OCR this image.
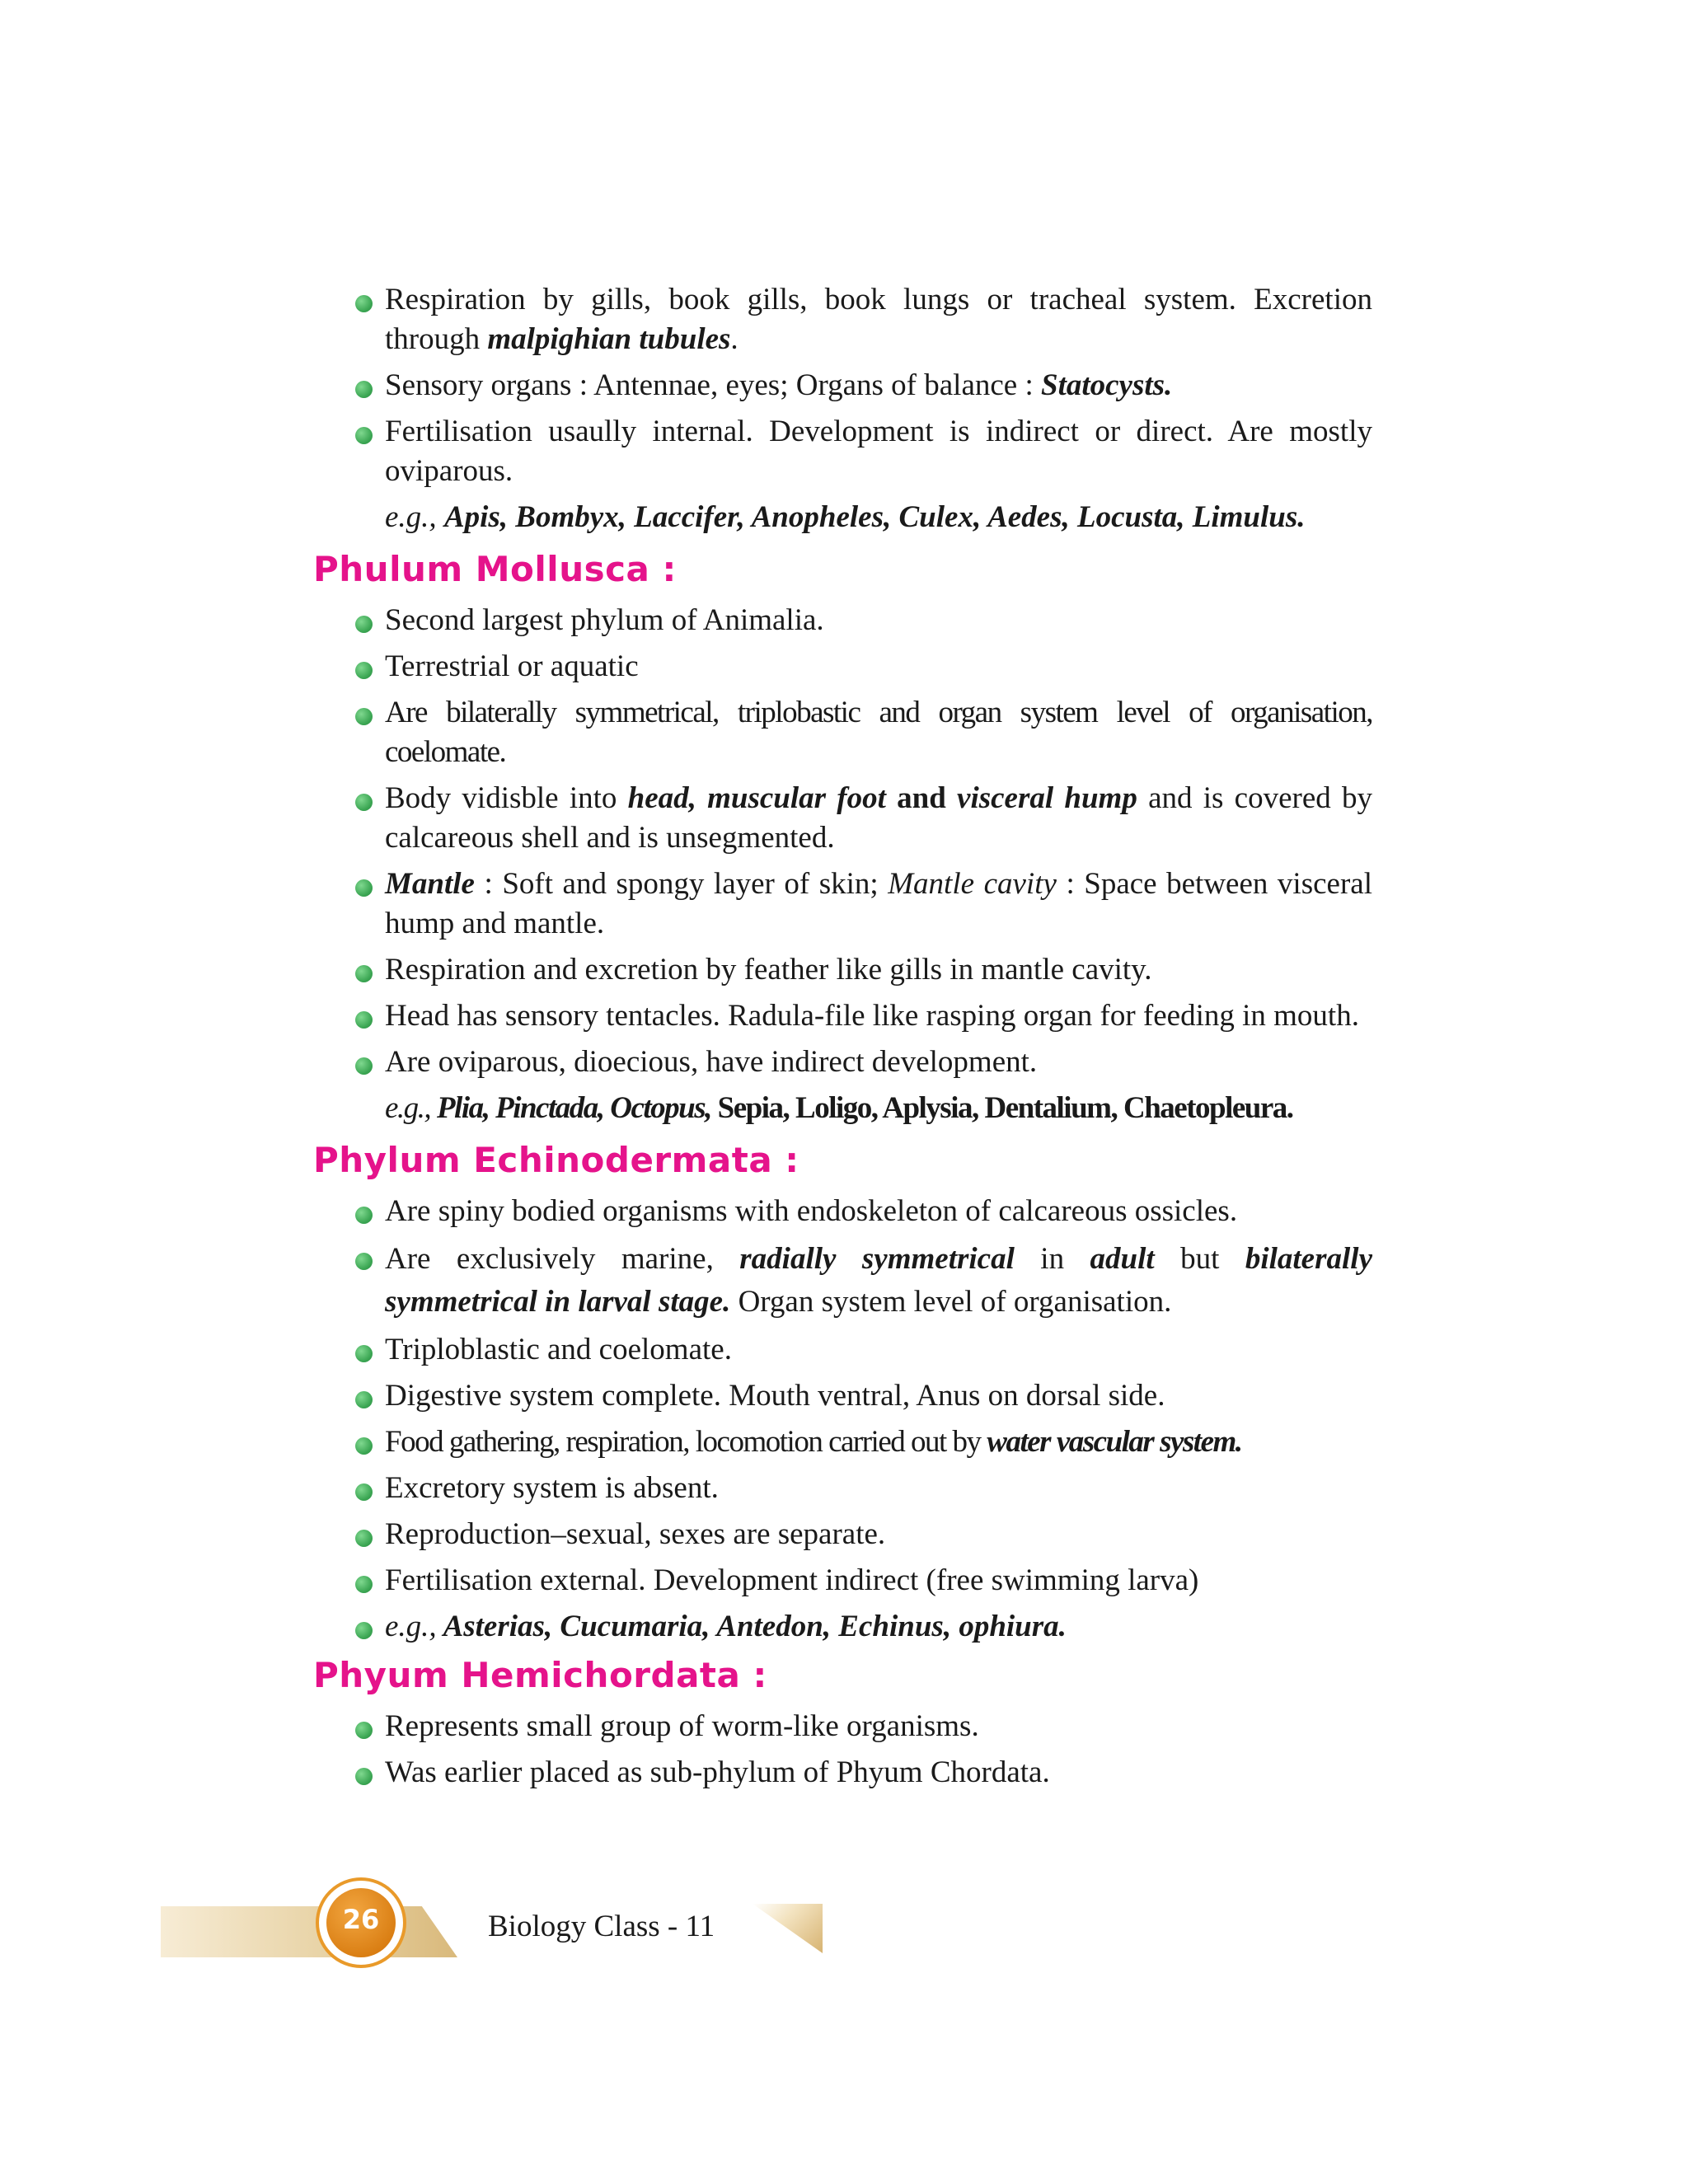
Respiration by gills, book gills, book lungs or tracheal system. Excretion through malpighian tubules.
Sensory organs : Antennae, eyes; Organs of balance : Statocysts.
Fertilisation usaully internal. Development is indirect or direct. Are mostly oviparous.
e.g., Apis, Bombyx, Laccifer, Anopheles, Culex, Aedes, Locusta, Limulus.
Phulum Mollusca :
Second largest phylum of Animalia.
Terrestrial or aquatic
Are bilaterally symmetrical, triplobastic and organ system level of organisation, coelomate.
Body vidisble into head, muscular foot and visceral hump and is covered by calcareous shell and is unsegmented.
Mantle : Soft and spongy layer of skin; Mantle cavity : Space between visceral hump and mantle.
Respiration and excretion by feather like gills in mantle cavity.
Head has sensory tentacles. Radula-file like rasping organ for feeding in mouth.
Are oviparous, dioecious, have indirect development.
e.g., Plia, Pinctada, Octopus, Sepia, Loligo, Aplysia, Dentalium, Chaetopleura.
Phylum Echinodermata :
Are spiny bodied organisms with endoskeleton of calcareous ossicles.
Are exclusively marine, radially symmetrical in adult but bilaterally symmetrical in larval stage. Organ system level of organisation.
Triploblastic and coelomate.
Digestive system complete. Mouth ventral, Anus on dorsal side.
Food gathering, respiration, locomotion carried out by water vascular system.
Excretory system is absent.
Reproduction–sexual, sexes are separate.
Fertilisation external. Development indirect (free swimming larva)
e.g., Asterias, Cucumaria, Antedon, Echinus, ophiura.
Phyum Hemichordata :
Represents small group of worm-like organisms.
Was earlier placed as sub-phylum of Phyum Chordata.
26	Biology Class - 11
